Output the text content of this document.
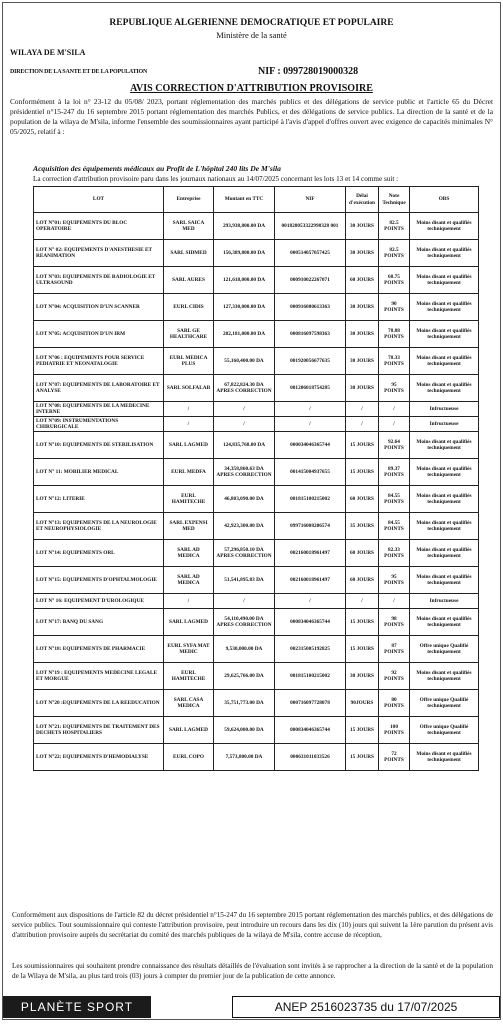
REPUBLIQUE ALGERIENNE DEMOCRATIQUE ET POPULAIRE
Ministère de la santé
WILAYA DE M'SILA
DIRECTION DE LA SANTE ET DE LA POPULATION	NIF : 099728019000328
AVIS CORRECTION D'ATTRIBUTION PROVISOIRE
Conformément à la loi n° 23-12 du 05/08/ 2023, portant réglementation des marchés publics et des délégations de service public et l'article 65 du Décret présidentiel n°15-247 du 16 septembre 2015 portant réglementation des marchés Publics, et des délégations de service publics. La direction de la santé et de la population de la wilaya de M'sila, informe l'ensemble des soumissionnaires ayant participé à l'avis d'appel d'offres ouvert avec exigence de capacités minimales N° 05/2025, relatif à :
Acquisition des équipements médicaux au Profit de L'hôpital 240 lits De M'sila
La correction d'attribution provisoire paru dans les journaux nationaux au 14/07/2025 concernant les lots 13 et 14 comme suit :
LOT	Entreprise	Montant en TTC	NIF	Délai d'exécution	Note Technique	OBS
LOT N°01: EQUIPEMENTS DU BLOC OPERATOIRE	SARL SAICA MED	293,938,800.00 DA	001828053322998328 001	30 JOURS	82.5 POINTS	Moins disant et qualifiés techniquement
LOT N° 02: EQUIPEMENTS D'ANESTHESIE ET REANIMATION	SARL SIDMED	156,389,800.00 DA	000514057057425	30 JOURS	82.5 POINTS	Moins disant et qualifiés techniquement
LOT N°03: EQUIPEMENTS DE RADIOLOGIE ET ULTRASOUND	SARL AURES	121,618,000.00 DA	000910022267071	60 JOURS	68.75 POINTS	Moins disant et qualifiés techniquement
LOT N°04: ACQUISITION D'UN SCANNER	EURL CIDIS	127,330,000.00 DA	000916080613363	30 JOURS	90 POINTS	Moins disant et qualifiés techniquement
LOT N°05: ACQUISITION D'UN IRM	SARL GE HEALTHCARE	202,181,000.00 DA	000816097598363	30 JOURS	78.88 POINTS	Moins disant et qualifiés techniquement
LOT N°06 : EQUIPEMENTS POUR SERVICE PEDIATRIE ET NEONATALOGIE	EURL MEDICA PLUS	55,160,400.00 DA	001920056677635	30 JOURS	78.33 POINTS	Moins disant et qualifiés techniquement
LOT N°07: EQUIPEMENTS DE LABORATOIRE ET ANALYSE	SARL SOLFALAB	67,822,824.30 DA APRES CORRECTION	001206018754285	30 JOURS	95 POINTS	Moins disant et qualifiés techniquement
LOT N°08: EQUIPEMENTS DE LA MEDECINE INTERNE	/	/	/	/	/	Infructueuse
LOT N°09: INSTRUMENTATIONS CHIRURGICALE	/	/	/	/	/	Infructueuse
LOT N°10: EQUIPEMENTS DE STERILISATION	SARL LAGMED	124,835,768.00 DA	000034046365744	15 JOURS	92.64 POINTS	Moins disant et qualifiés techniquement
LOT N° 11: MOBILIER MEDICAL	EURL MEDFA	34,358,860.63 DA APRES CORRECTION	001415004937655	15 JOURS	89.37 POINTS	Moins disant et qualifiés techniquement
LOT N°12: LITERIE	EURL HAMITECHE	46,803,090.00 DA	001815100215002	60 JOURS	84.55 POINTS	Moins disant et qualifiés techniquement
LOT N°13: EQUIPEMENTS DE LA NEUROLOGIE ET NEUROPHYSIOLOGIE	SARL EXPENSI MED	42,923,300.00 DA	099716008206574	35 JOURS	84.55 POINTS	Moins disant et qualifiés techniquement
LOT N°14: EQUIPEMENTS ORL	SARL AD MEDICA	57,296,850.10 DA APRES CORRECTION	002160018961497	60 JOURS	82.33 POINTS	Moins disant et qualifiés techniquement
LOT N°15: EQUIPEMENTS D'OPHTALMOLOGIE	SARL AD MEDICA	51,541,895.83 DA	002160018961497	60 JOURS	95 POINTS	Moins disant et qualifiés techniquement
LOT N° 16: EQUIPEMENT D'UROLOGIQUE	/	/	/	/	/	Infructueuse
LOT N°17: BANQ DU SANG	SARL LAGMED	54,110,490.00 DA APRES CORRECTION	000834046365744	15 JOURS	98 POINTS	Moins disant et qualifiés techniquement
LOT N°18: EQUIPEMENTS DE PHARMACIE	EURL SYFA MAT MEDIC	9,530,000.00 DA	002315005192825	15 JOURS	87 POINTS	Offre unique Qualifié techniquement
LOT N°19 : EQUIPEMENTS MEDECINE LEGALE ET MORGUE	EURL HAMITECHE	29,625,766.00 DA	001815100215002	30 JOURS	92 POINTS	Moins disant et qualifiés techniquement
LOT N°20 :EQUIPEMENTS DE LA REEDUCATION	SARL CASA MEDICA	35,751,773.00 DA	000716097728078	90JOURS	80 POINTS	Offre unique Qualifié techniquement
LOT N°21: EQUIPEMENTS DE TRAITEMENT DES DECHETS HOSPITALIERS	SARL LAGMED	59,624,000.00 DA	000834046365744	15 JOURS	100 POINTS	Offre unique Qualifié techniquement
LOT N°22: EQUIPEMENTS D'HEMODIALYSE	EURL COPO	7,573,800.00 DA	000631011033526	15 JOURS	72 POINTS	Moins disant et qualifiés techniquement
Conformément aux dispositions de l'article 82 du décret présidentiel n°15-247 du 16 septembre 2015 portant réglementation des marchés publics, et des délégations de service publics. Tout soumissionnaire qui conteste l'attribution provisoire, peut introduire un recours dans les dix (10) jours qui suivent la 1ère parution du présent avis d'attribution provisoire auprès du secrétariat du comité des marchés publiques de la wilaya de M'sila, contre accuse de réception,
Les soumissionnaires qui souhaitent prendre connaissance des résultats détaillés de l'évaluation sont invités à se rapprocher a la direction de la santé et de la population de la Wilaya de M'sila, au plus tard trois (03) jours à compter du premier jour de la publication de cette annonce.
PLANÈTE SPORT	ANEP 2516023735 du 17/07/2025
